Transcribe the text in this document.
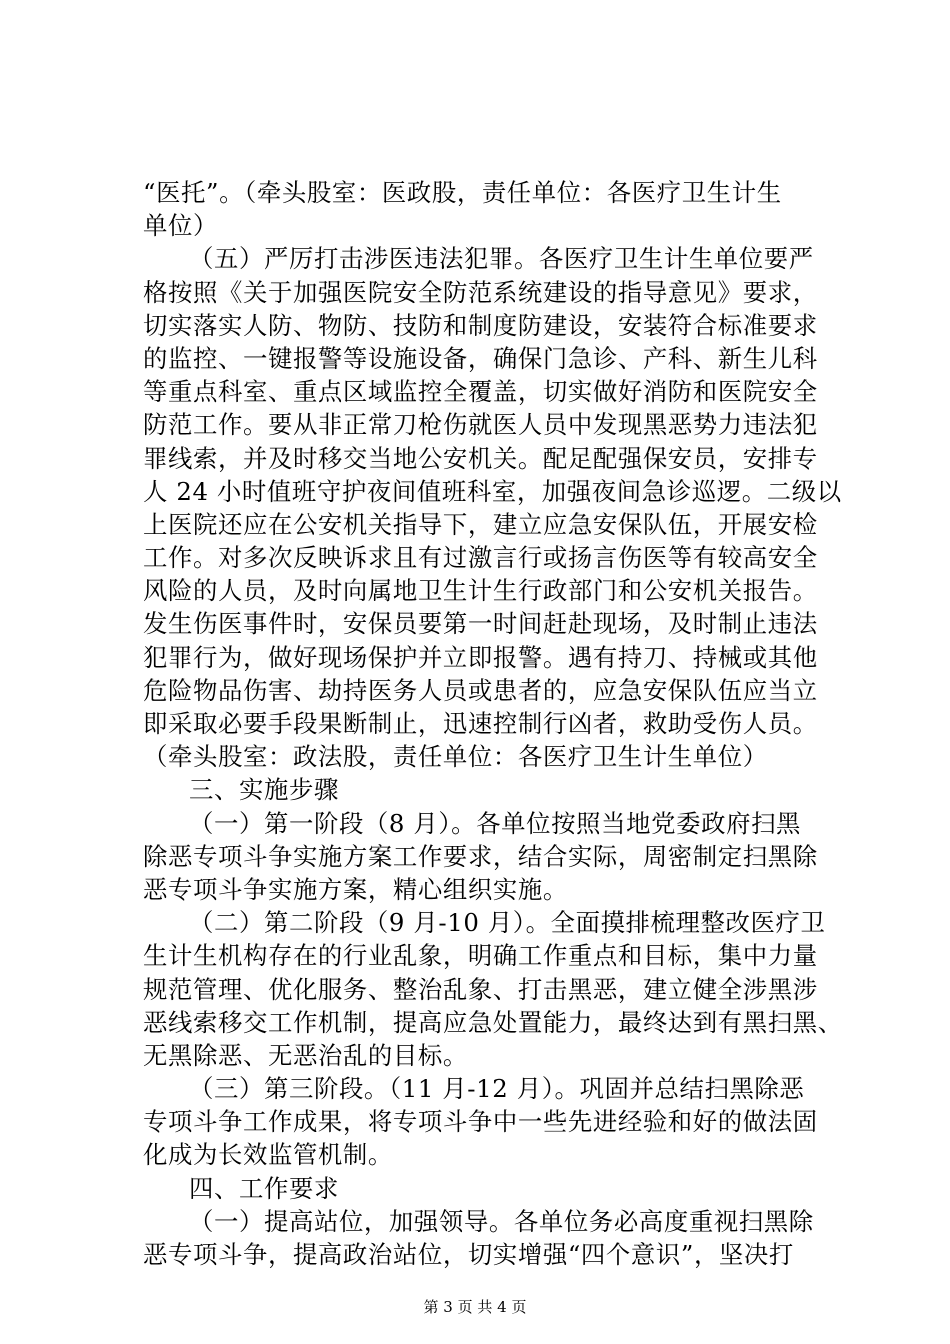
“医托”。（牵头股室：医政股，责任单位：各医疗卫生计生
单位）
（五）严厉打击涉医违法犯罪。各医疗卫生计生单位要严
格按照《关于加强医院安全防范系统建设的指导意见》要求，
切实落实人防、物防、技防和制度防建设，安装符合标准要求
的监控、一键报警等设施设备，确保门急诊、产科、新生儿科
等重点科室、重点区域监控全覆盖，切实做好消防和医院安全
防范工作。要从非正常刀枪伤就医人员中发现黑恶势力违法犯
罪线索，并及时移交当地公安机关。配足配强保安员，安排专
人 24 小时值班守护夜间值班科室，加强夜间急诊巡逻。二级以
上医院还应在公安机关指导下，建立应急安保队伍，开展安检
工作。对多次反映诉求且有过激言行或扬言伤医等有较高安全
风险的人员，及时向属地卫生计生行政部门和公安机关报告。
发生伤医事件时，安保员要第一时间赶赴现场，及时制止违法
犯罪行为，做好现场保护并立即报警。遇有持刀、持械或其他
危险物品伤害、劫持医务人员或患者的，应急安保队伍应当立
即采取必要手段果断制止，迅速控制行凶者，救助受伤人员。
（牵头股室：政法股，责任单位：各医疗卫生计生单位）
三、实施步骤
（一）第一阶段（8 月）。各单位按照当地党委政府扫黑
除恶专项斗争实施方案工作要求，结合实际，周密制定扫黑除
恶专项斗争实施方案，精心组织实施。
（二）第二阶段（9 月-10 月）。全面摸排梳理整改医疗卫
生计生机构存在的行业乱象，明确工作重点和目标，集中力量
规范管理、优化服务、整治乱象、打击黑恶，建立健全涉黑涉
恶线索移交工作机制，提高应急处置能力，最终达到有黑扫黑、
无黑除恶、无恶治乱的目标。
（三）第三阶段。（11 月-12 月）。巩固并总结扫黑除恶
专项斗争工作成果，将专项斗争中一些先进经验和好的做法固
化成为长效监管机制。
四、工作要求
（一）提高站位，加强领导。各单位务必高度重视扫黑除
恶专项斗争，提高政治站位，切实增强“四个意识”，坚决打
第 3 页 共 4 页
